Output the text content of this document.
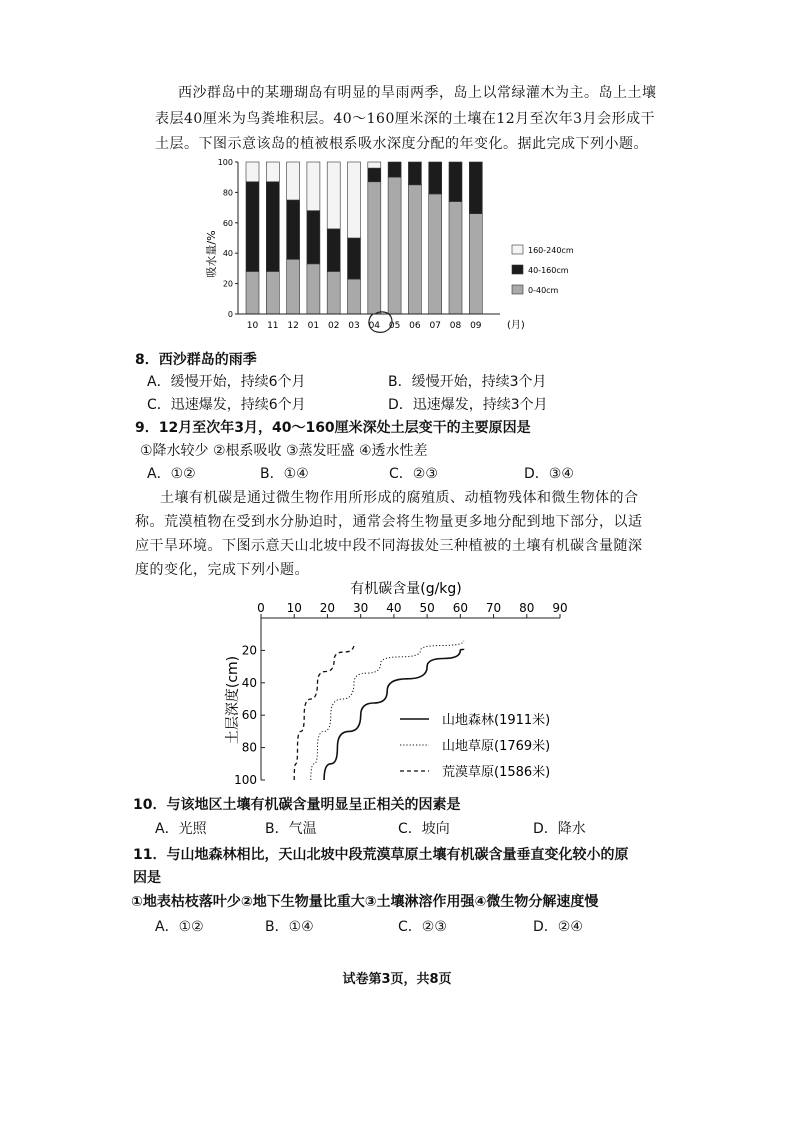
西沙群岛中的某珊瑚岛有明显的旱雨两季，岛上以常绿灌木为主。岛上土壤
表层40厘米为鸟粪堆积层。40～160厘米深的土壤在12月至次年3月会形成干
土层。下图示意该岛的植被根系吸水深度分配的年变化。据此完成下列小题。
吸水量/%
0
20
40
60
80
100
10 11 12 01 02 03 04 05 06 07 08 09	(月)
160-240cm
40-160cm
0-40cm
8．西沙群岛的雨季
A．缓慢开始，持续6个月	B．缓慢开始，持续3个月
C．迅速爆发，持续6个月	D．迅速爆发，持续3个月
9．12月至次年3月，40～160厘米深处土层变干的主要原因是
①降水较少 ②根系吸收 ③蒸发旺盛 ④透水性差
A．①②	B．①④	C．②③	D．③④
土壤有机碳是通过微生物作用所形成的腐殖质、动植物残体和微生物体的合
称。荒漠植物在受到水分胁迫时，通常会将生物量更多地分配到地下部分，以适
应干旱环境。下图示意天山北坡中段不同海拔处三种植被的土壤有机碳含量随深
度的变化，完成下列小题。
有机碳含量(g/kg)
0 10 20 30 40 50 60 70 80 90
20
40
60
80
100
土层深度(cm)	山地森林(1911米)
山地草原(1769米)
荒漠草原(1586米)
10．与该地区土壤有机碳含量明显呈正相关的因素是
A．光照	B．气温	C．坡向	D．降水
11．与山地森林相比，天山北坡中段荒漠草原土壤有机碳含量垂直变化较小的原
因是
①地表枯枝落叶少②地下生物量比重大③土壤淋溶作用强④微生物分解速度慢
A．①②	B．①④	C．②③	D．②④
试卷第3页，共8页
